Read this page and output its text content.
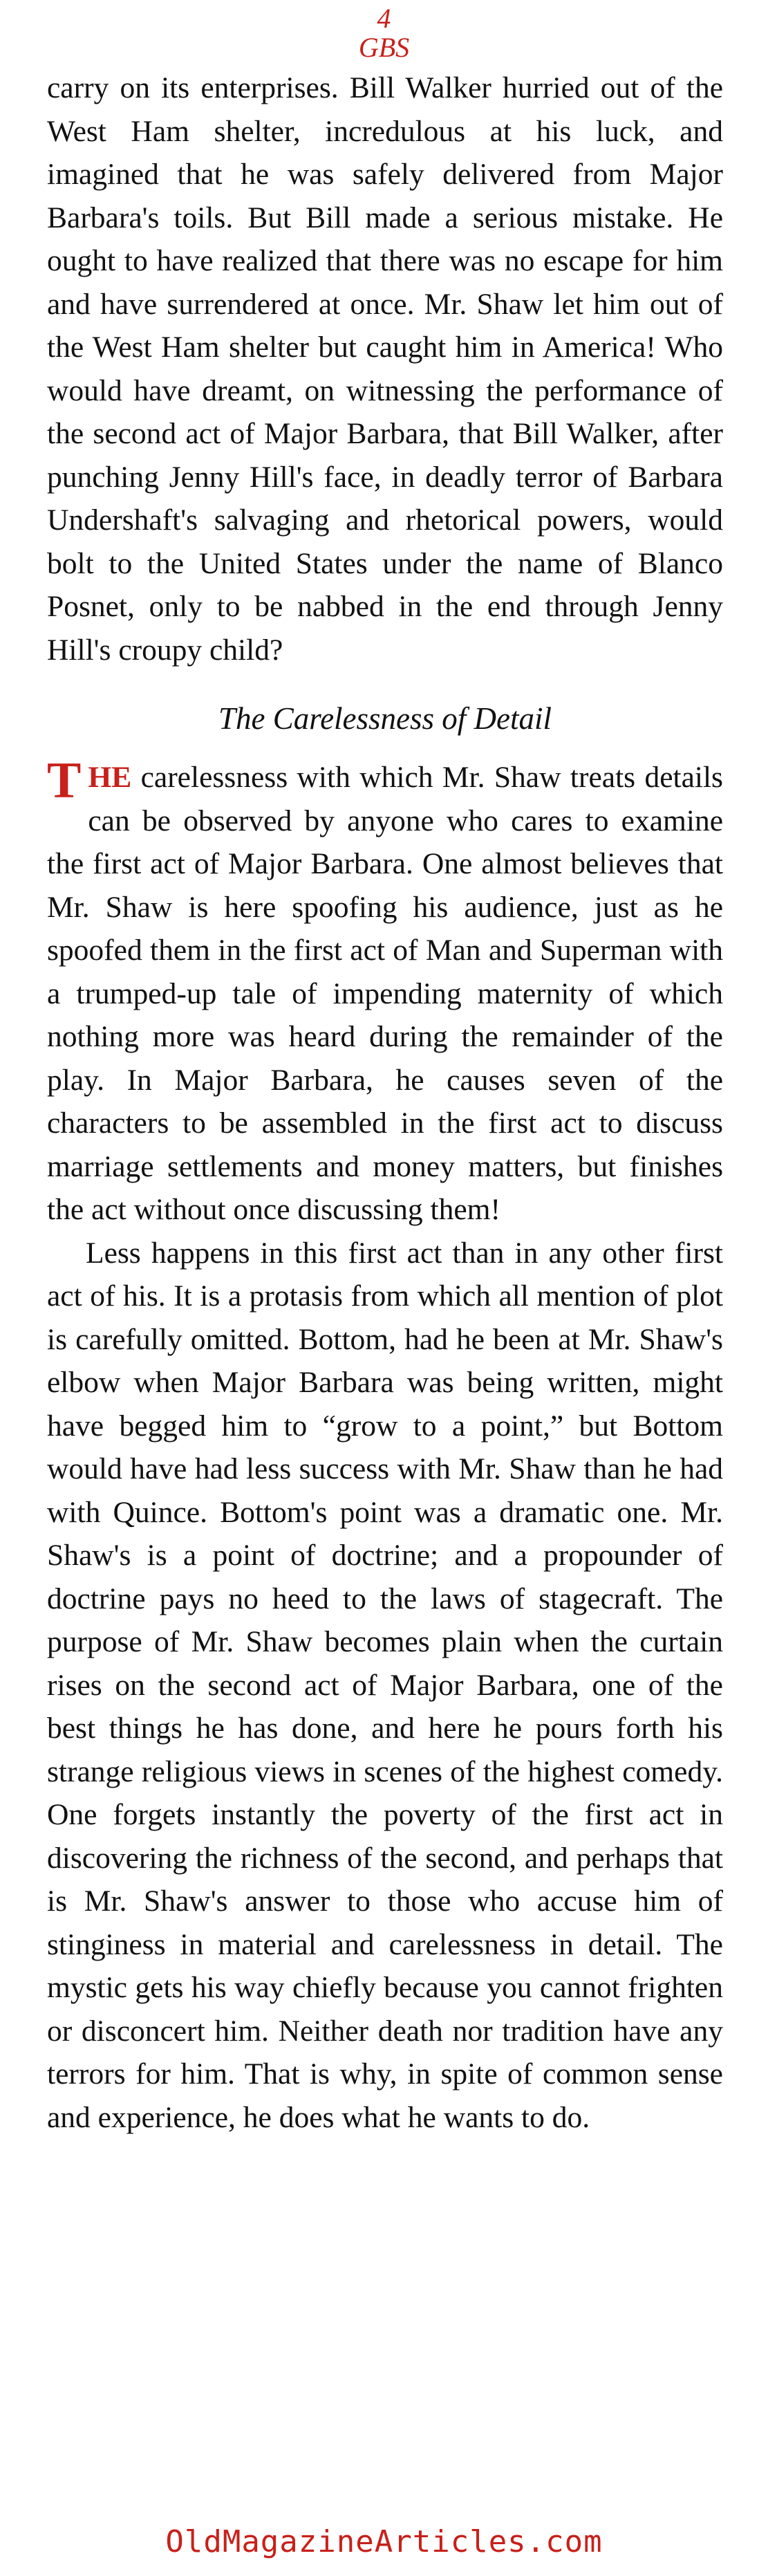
4
GBS

carry on its enterprises. Bill Walker hurried out of the West Ham shelter, incredulous at his luck, and imagined that he was safely delivered from Major Barbara's toils. But Bill made a serious mistake. He ought to have realized that there was no escape for him and have surrendered at once. Mr. Shaw let him out of the West Ham shelter but caught him in America! Who would have dreamt, on witnessing the performance of the second act of Major Barbara, that Bill Walker, after punching Jenny Hill's face, in deadly terror of Barbara Undershaft's salvaging and rhetorical powers, would bolt to the United States under the name of Blanco Posnet, only to be nabbed in the end through Jenny Hill's croupy child?

The Carelessness of Detail

THE carelessness with which Mr. Shaw treats details can be observed by anyone who cares to examine the first act of Major Barbara. One almost believes that Mr. Shaw is here spoofing his audience, just as he spoofed them in the first act of Man and Superman with a trumped-up tale of impending maternity of which nothing more was heard during the remainder of the play. In Major Barbara, he causes seven of the characters to be assembled in the first act to discuss marriage settlements and money matters, but finishes the act without once discussing them!

Less happens in this first act than in any other first act of his. It is a protasis from which all mention of plot is carefully omitted. Bottom, had he been at Mr. Shaw's elbow when Major Barbara was being written, might have begged him to “grow to a point,” but Bottom would have had less success with Mr. Shaw than he had with Quince. Bottom's point was a dramatic one. Mr. Shaw's is a point of doctrine; and a propounder of doctrine pays no heed to the laws of stagecraft. The purpose of Mr. Shaw becomes plain when the curtain rises on the second act of Major Barbara, one of the best things he has done, and here he pours forth his strange religious views in scenes of the highest comedy. One forgets instantly the poverty of the first act in discovering the richness of the second, and perhaps that is Mr. Shaw's answer to those who accuse him of stinginess in material and carelessness in detail. The mystic gets his way chiefly because you cannot frighten or disconcert him. Neither death nor tradition have any terrors for him. That is why, in spite of common sense and experience, he does what he wants to do.

OldMagazineArticles.com
